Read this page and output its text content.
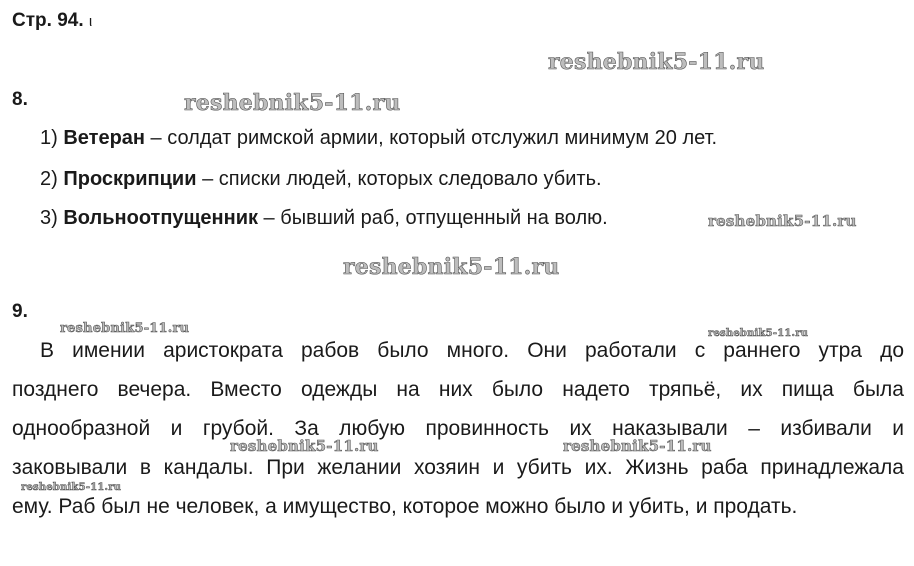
Стр. 94. ι
reshebnik5-11.ru
reshebnik5-11.ru
reshebnik5-11.ru
reshebnik5-11.ru
reshebnik5-11.ru	reshebnik5-11.ru
reshebnik5-11.ru	reshebnik5-11.ru
reshebnik5-11.ru
8.
1) Ветеран – солдат римской армии, который отслужил минимум 20 лет.
2) Проскрипции – списки людей, которых следовало убить.
3) Вольноотпущенник – бывший раб, отпущенный на волю.
9.
В имении аристократа рабов было много. Они работали с раннего утра до
позднего вечера. Вместо одежды на них было надето тряпьё, их пища была
однообразной и грубой. За любую провинность их наказывали – избивали и
заковывали в кандалы. При желании хозяин и убить их. Жизнь раба принадлежала
ему. Раб был не человек, а имущество, которое можно было и убить, и продать.
